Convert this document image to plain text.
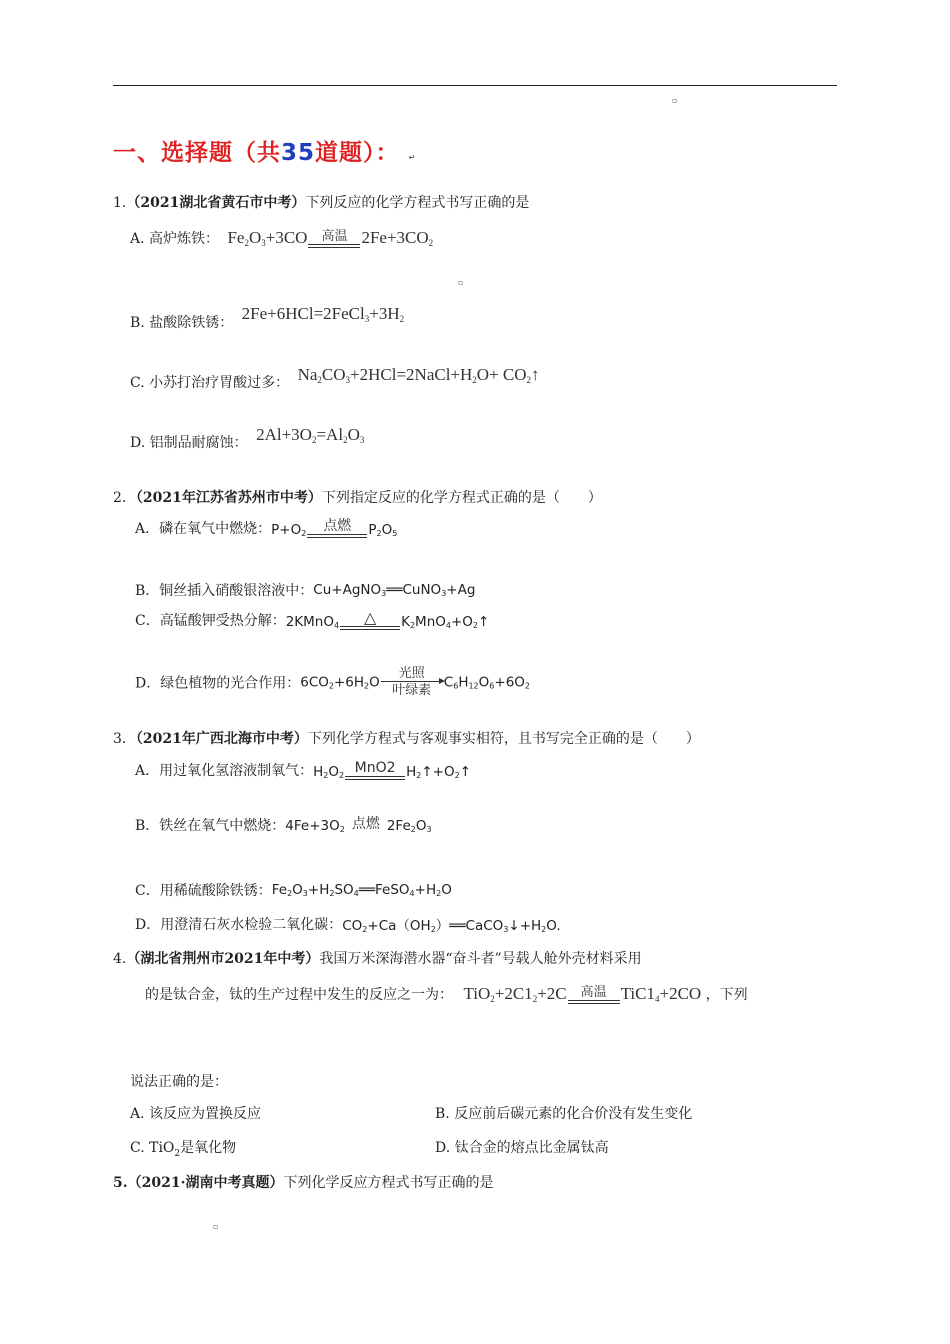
▫
一、选择题（共35道题）： ↵
1.（2021湖北省黄石市中考）下列反应的化学方程式书写正确的是
A. 高炉炼铁： $Fe_2O_3+3CO$ 高温 $2Fe+3CO_2$
▫
B. 盐酸除铁锈： $2Fe+6HCl=2FeCl_3+3H_2$
C. 小苏打治疗胃酸过多： $Na_2CO_3+2HCl=2NaCl+H_2O+$ $CO_2↑$
D. 铝制品耐腐蚀： $2Al+3O_2=Al_2O_3$
2．（2021年江苏省苏州市中考）下列指定反应的化学方程式正确的是（　　）
A．磷在氧气中燃烧：$P+O_2$ 点燃 $P_2O_5$
B．铜丝插入硝酸银溶液中：Cu+AgNO$_3$══CuNO$_3$+Ag
C．高锰酸钾受热分解：2KMnO$_4$ △ $K_2MnO_4+O_2↑$
D．绿色植物的光合作用：$6CO_2+6H_2O$
光照
叶绿素 $C_6H_{12}O_6+6O_2$
3．（2021年广西北海市中考）下列化学方程式与客观事实相符，且书写完全正确的是（　　）
A．用过氧化氢溶液制氧气：$H_2O_2$ MnO2 $H_2↑+O_2↑$
B．铁丝在氧气中燃烧：$4Fe+3O_2$ 点燃 $2Fe_2O_3$
C．用稀硫酸除铁锈：$Fe_2O_3+H_2SO_4══FeSO_4+H_2O$
D．用澄清石灰水检验二氧化碳：$CO_2+Ca(OH_2)══CaCO_3↓+H_2O$.
4.（湖北省荆州市2021年中考）我国万米深海潜水器“奋斗者”号载人舱外壳材料采用
的是钛合金，钛的生产过程中发生的反应之一为： $TiO_2+2C1_2+2C$ 高温 $TiC1_4+2CO$ ，下列
说法正确的是：
A. 该反应为置换反应	B. 反应前后碳元素的化合价没有发生变化
C. TiO$_2$是氧化物	D. 钛合金的熔点比金属钛高
5.（2021·湖南中考真题）下列化学反应方程式书写正确的是
▫
